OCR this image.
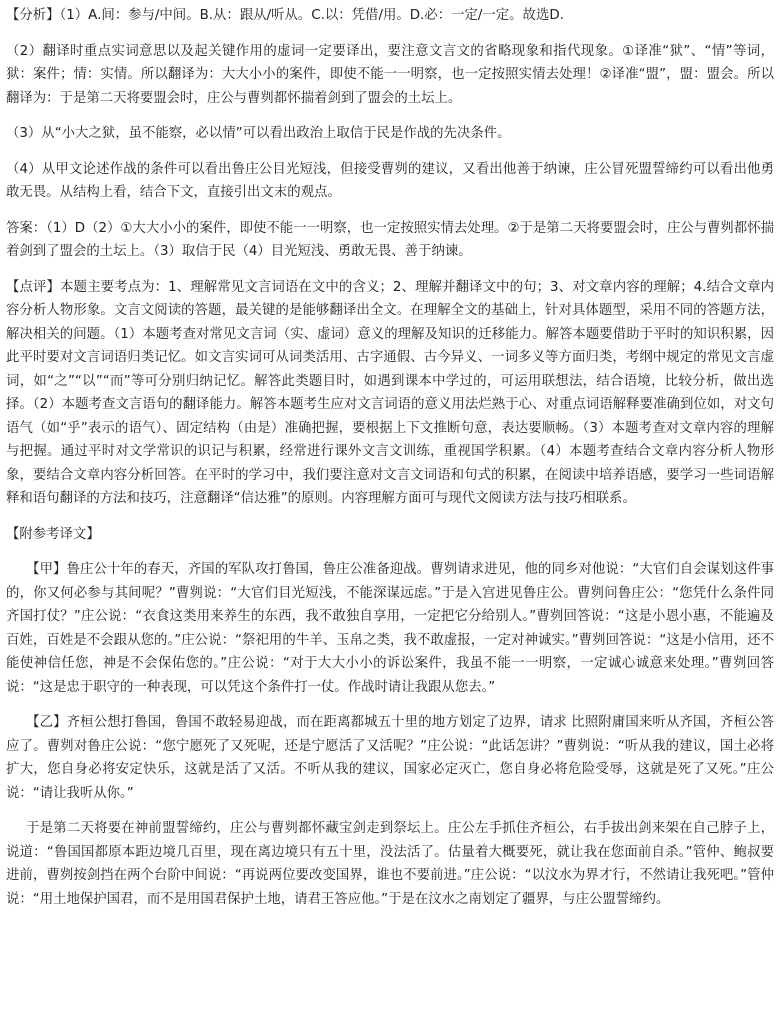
【分析】（1）A.间：参与/中间。B.从：跟从/听从。C.以：凭借/用。D.必：一定/一定。故选D.

（2）翻译时重点实词意思以及起关键作用的虚词一定要译出，要注意文言文的省略现象和指代现象。①译准“狱”、“情”等词，狱：案件；情：实情。所以翻译为：大大小小的案件，即使不能一一明察，也一定按照实情去处理！②译准“盟”，盟：盟会。所以翻译为：于是第二天将要盟会时，庄公与曹刿都怀揣着剑到了盟会的土坛上。

（3）从“小大之狱，虽不能察，必以情”可以看出政治上取信于民是作战的先决条件。

（4）从甲文论述作战的条件可以看出鲁庄公目光短浅，但接受曹刿的建议，又看出他善于纳谏，庄公冒死盟誓缔约可以看出他勇敢无畏。从结构上看，结合下文，直接引出文末的观点。

答案：（1）D（2）①大大小小的案件，即使不能一一明察，也一定按照实情去处理。②于是第二天将要盟会时，庄公与曹刿都怀揣着剑到了盟会的土坛上。（3）取信于民（4）目光短浅、勇敢无畏、善于纳谏。

【点评】本题主要考点为：1、理解常见文言词语在文中的含义；2、理解并翻译文中的句；3、对文章内容的理解；4.结合文章内容分析人物形象。文言文阅读的答题，最关键的是能够翻译出全文。在理解全文的基础上，针对具体题型，采用不同的答题方法，解决相关的问题。（1）本题考查对常见文言词（实、虚词）意义的理解及知识的迁移能力。解答本题要借助于平时的知识积累，因此平时要对文言词语归类记忆。如文言实词可从词类活用、古字通假、古今异义、一词多义等方面归类，考纲中规定的常见文言虚词，如“之”“以”“而”等可分别归纳记忆。解答此类题目时，如遇到课本中学过的，可运用联想法，结合语境，比较分析，做出选择。（2）本题考查文言语句的翻译能力。解答本题考生应对文言词语的意义用法烂熟于心、对重点词语解释要准确到位如，对文句语气（如“乎”表示的语气）、固定结构（由是）准确把握，要根据上下文推断句意，表达要顺畅。（3）本题考查对文章内容的理解与把握。通过平时对文学常识的识记与积累，经常进行课外文言文训练，重视国学积累。（4）本题考查结合文章内容分析人物形象，要结合文章内容分析回答。在平时的学习中，我们要注意对文言文词语和句式的积累，在阅读中培养语感，要学习一些词语解释和语句翻译的方法和技巧，注意翻译“信达雅”的原则。内容理解方面可与现代文阅读方法与技巧相联系。

【附参考译文】

【甲】鲁庄公十年的春天，齐国的军队攻打鲁国，鲁庄公准备迎战。曹刿请求进见，他的同乡对他说：“大官们自会谋划这件事的，你又何必参与其间呢？”曹刿说：“大官们目光短浅，不能深谋远虑。”于是入宫进见鲁庄公。曹刿问鲁庄公：“您凭什么条件同齐国打仗？”庄公说：“衣食这类用来养生的东西，我不敢独自享用，一定把它分给别人。”曹刿回答说：“这是小恩小惠，不能遍及百姓，百姓是不会跟从您的。”庄公说：“祭祀用的牛羊、玉帛之类，我不敢虚报，一定对神诚实。”曹刿回答说：“这是小信用，还不能使神信任您，神是不会保佑您的。”庄公说：“对于大大小小的诉讼案件，我虽不能一一明察，一定诚心诚意来处理。”曹刿回答说：“这是忠于职守的一种表现，可以凭这个条件打一仗。作战时请让我跟从您去。”

【乙】齐桓公想打鲁国，鲁国不敢轻易迎战，而在距离都城五十里的地方划定了边界，请求 比照附庸国来听从齐国，齐桓公答应了。曹刿对鲁庄公说：“您宁愿死了又死呢，还是宁愿活了又活呢？”庄公说：“此话怎讲？”曹刿说：“听从我的建议，国土必将扩大，您自身必将安定快乐，这就是活了又活。不听从我的建议，国家必定灭亡，您自身必将危险受辱，这就是死了又死。”庄公说：“请让我听从你。”

于是第二天将要在神前盟誓缔约，庄公与曹刿都怀藏宝剑走到祭坛上。庄公左手抓住齐桓公，右手拔出剑来架在自己脖子上，说道：“鲁国国都原本距边境几百里，现在离边境只有五十里，没法活了。估量着大概要死，就让我在您面前自杀。”管仲、鲍叔要进前，曹刿按剑挡在两个台阶中间说：“再说两位要改变国界，谁也不要前进。”庄公说：“以汶水为界才行，不然请让我死吧。”管仲说：“用土地保护国君，而不是用国君保护土地，请君王答应他。”于是在汶水之南划定了疆界，与庄公盟誓缔约。
